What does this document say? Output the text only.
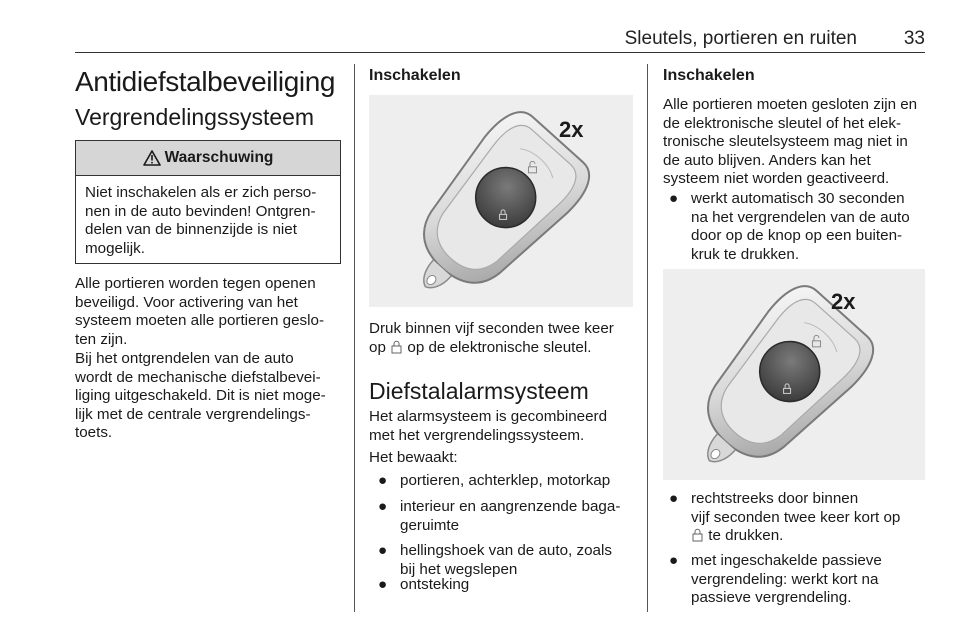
Sleutels, portieren en ruiten 33
Antidiefstalbeveiliging
Vergrendelingssysteem
Waarschuwing
Niet inschakelen als er zich perso-
nen in de auto bevinden! Ontgren-
delen van de binnenzijde is niet
mogelijk.
Alle portieren worden tegen openen
beveiligd. Voor activering van het
systeem moeten alle portieren geslo-
ten zijn.
Bij het ontgrendelen van de auto
wordt de mechanische diefstalbevei-
liging uitgeschakeld. Dit is niet moge-
lijk met de centrale vergrendelings-
toets.
Inschakelen
2x
Druk binnen vijf seconden twee keer
op op de elektronische sleutel.
Diefstalalarmsysteem
Het alarmsysteem is gecombineerd
met het vergrendelingssysteem.
Het bewaakt:
● portieren, achterklep, motorkap
● interieur en aangrenzende baga-
geruimte
● hellingshoek van de auto, zoals
bij het wegslepen
● ontsteking
Inschakelen
Alle portieren moeten gesloten zijn en
de elektronische sleutel of het elek-
tronische sleutelsysteem mag niet in
de auto blijven. Anders kan het
systeem niet worden geactiveerd.
● werkt automatisch 30 seconden
na het vergrendelen van de auto
door op de knop op een buiten-
kruk te drukken.
2x
● rechtstreeks door binnen
vijf seconden twee keer kort op
te drukken.
● met ingeschakelde passieve
vergrendeling: werkt kort na
passieve vergrendeling.
